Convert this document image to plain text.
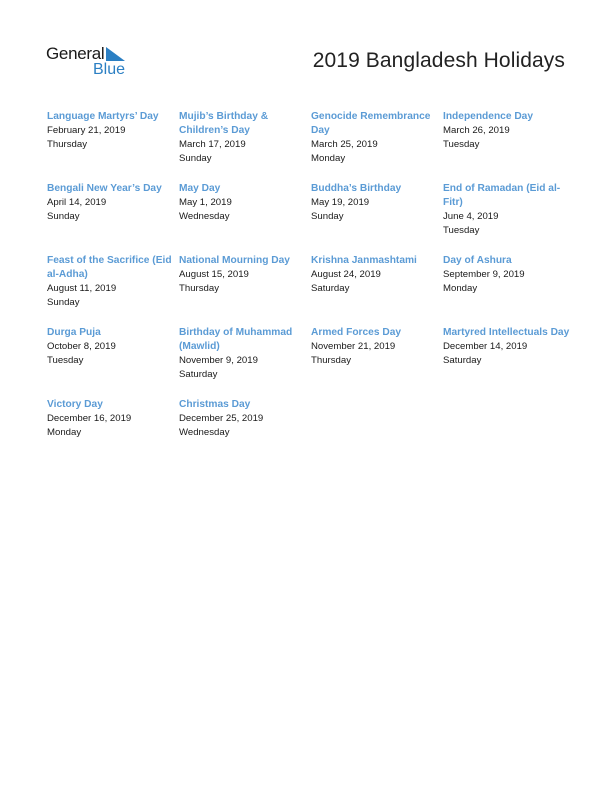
General
Blue	2019 Bangladesh Holidays
Language Martyrs’ Day
February 21, 2019
Thursday
Mujib’s Birthday & Children’s Day
March 17, 2019
Sunday
Genocide Remembrance Day
March 25, 2019
Monday
Independence Day
March 26, 2019
Tuesday
Bengali New Year’s Day
April 14, 2019
Sunday
May Day
May 1, 2019
Wednesday
Buddha’s Birthday
May 19, 2019
Sunday
End of Ramadan (Eid al-Fitr)
June 4, 2019
Tuesday
Feast of the Sacrifice (Eid al-Adha)
August 11, 2019
Sunday
National Mourning Day
August 15, 2019
Thursday
Krishna Janmashtami
August 24, 2019
Saturday
Day of Ashura
September 9, 2019
Monday
Durga Puja
October 8, 2019
Tuesday
Birthday of Muhammad (Mawlid)
November 9, 2019
Saturday
Armed Forces Day
November 21, 2019
Thursday
Martyred Intellectuals Day
December 14, 2019
Saturday
Victory Day
December 16, 2019
Monday
Christmas Day
December 25, 2019
Wednesday
